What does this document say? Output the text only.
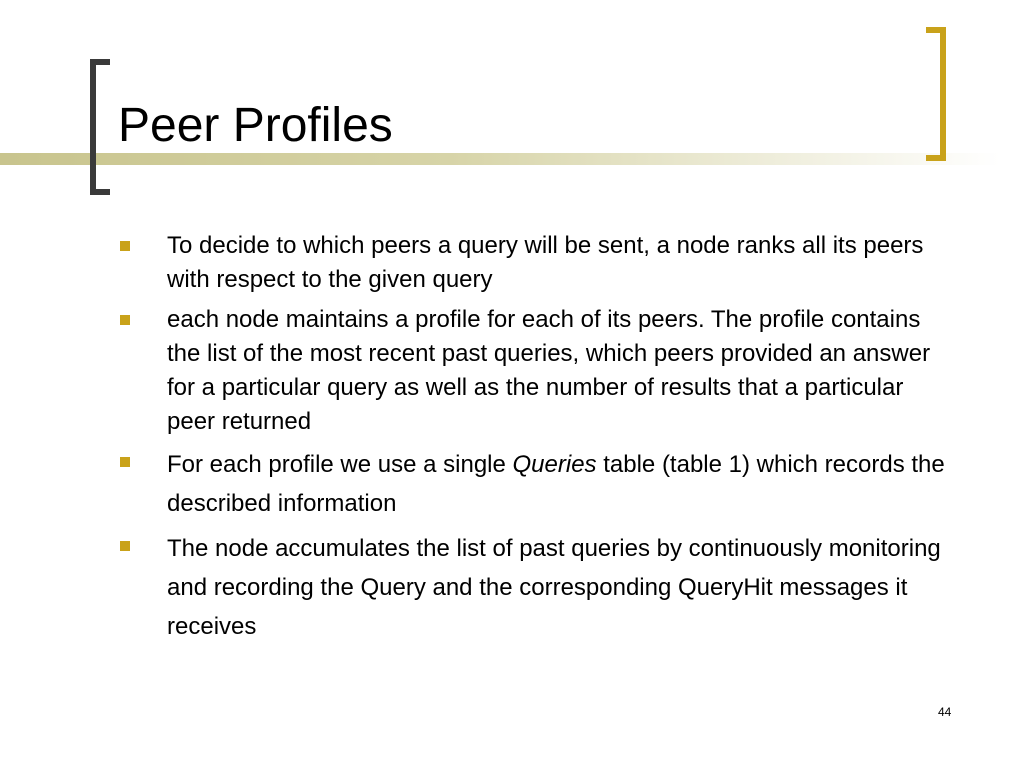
Peer Profiles
To decide to which peers a query will be sent, a node ranks all its peers with respect to the given query
each node maintains a profile for each of its peers. The profile contains the list of the most recent past queries, which peers provided an answer for a particular query as well as the number of results that a particular peer returned
For each profile we use a single Queries table (table 1) which records the described information
The node accumulates the list of past queries by continuously monitoring and recording the Query and the corresponding QueryHit messages it receives
44
